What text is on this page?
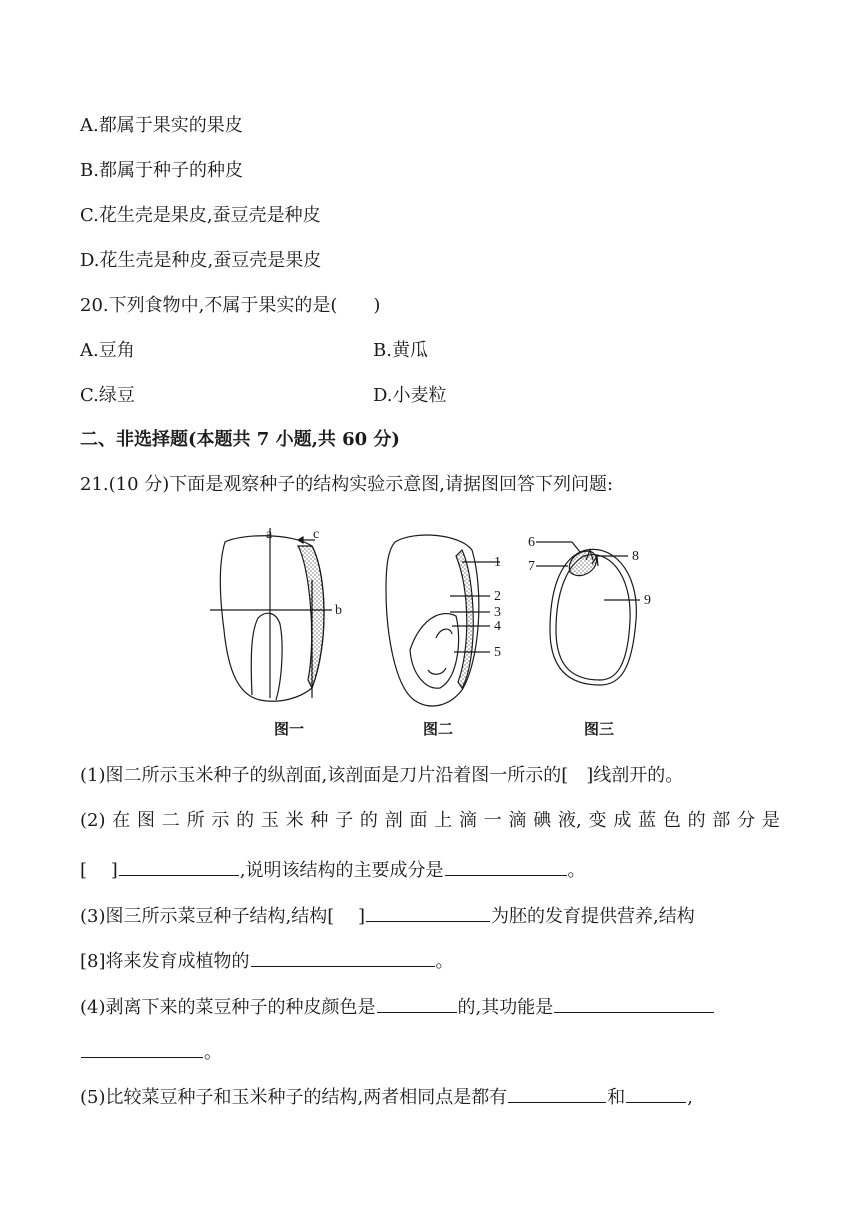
A.都属于果实的果皮
B.都属于种子的种皮
C.花生壳是果皮,蚕豆壳是种皮
D.花生壳是种皮,蚕豆壳是果皮
20.下列食物中,不属于果实的是(　　)
A.豆角	B.黄瓜
C.绿豆	D.小麦粒
二、非选择题(本题共 7 小题,共 60 分)
21.(10 分)下面是观察种子的结构实验示意图,请据图回答下列问题:
a
b
c
1
2
3
4
5
6
7
8
9
图一	图二	图三
(1)图二所示玉米种子的纵剖面,该剖面是刀片沿着图一所示的[　]线剖开的。
(2) 在 图 二 所 示 的 玉 米 种 子 的 剖 面 上 滴 一 滴 碘 液, 变 成 蓝 色 的 部 分 是
[　 ]	,说明该结构的主要成分是	。
(3)图三所示菜豆种子结构,结构[　 ]	为胚的发育提供营养,结构
[8]将来发育成植物的	。
(4)剥离下来的菜豆种子的种皮颜色是	的,其功能是
。
(5)比较菜豆种子和玉米种子的结构,两者相同点是都有	和	,
